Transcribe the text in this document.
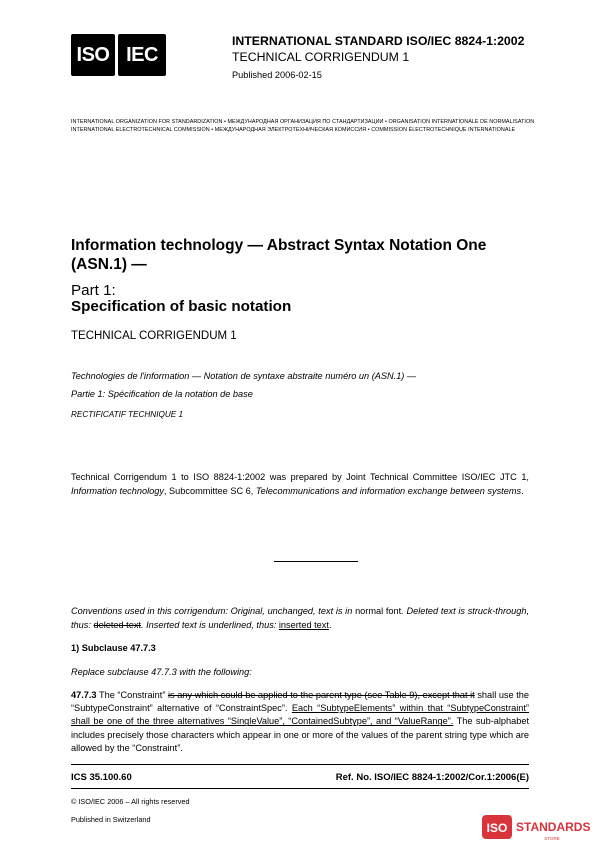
ISO IEC
INTERNATIONAL STANDARD ISO/IEC 8824-1:2002
TECHNICAL CORRIGENDUM 1
Published 2006-02-15
INTERNATIONAL ORGANIZATION FOR STANDARDIZATION • МЕЖДУНАРОДНАЯ ОРГАНИЗАЦИЯ ПО СТАНДАРТИЗАЦИИ • ORGANISATION INTERNATIONALE DE NORMALISATION
INTERNATIONAL ELECTROTECHNICAL COMMISSION • МЕЖДУНАРОДНАЯ ЭЛЕКТРОТЕХНИЧЕСКАЯ КОМИССИЯ • COMMISSION ÉLECTROTECHNIQUE INTERNATIONALE
Information technology — Abstract Syntax Notation One (ASN.1) —
Part 1:
Specification of basic notation
TECHNICAL CORRIGENDUM 1
Technologies de l'information — Notation de syntaxe abstraite numéro un (ASN.1) —
Partie 1: Spécification de la notation de base
RECTIFICATIF TECHNIQUE 1
Technical Corrigendum 1 to ISO 8824-1:2002 was prepared by Joint Technical Committee ISO/IEC JTC 1, Information technology, Subcommittee SC 6, Telecommunications and information exchange between systems.
Conventions used in this corrigendum: Original, unchanged, text is in normal font. Deleted text is struck-through, thus: deleted text. Inserted text is underlined, thus: inserted text.
1) Subclause 47.7.3
Replace subclause 47.7.3 with the following:
47.7.3 The “Constraint” is any which could be applied to the parent type (see Table 9), except that it shall use the “SubtypeConstraint” alternative of “ConstraintSpec”. Each “SubtypeElements” within that “SubtypeConstraint” shall be one of the three alternatives “SingleValue”, “ContainedSubtype”, and “ValueRange”. The sub-alphabet includes precisely those characters which appear in one or more of the values of the parent string type which are allowed by the “Constraint”.
ICS 35.100.60	Ref. No. ISO/IEC 8824-1:2002/Cor.1:2006(E)
© ISO/IEC 2006 – All rights reserved
Published in Switzerland
ISO STANDARDS
STORE
